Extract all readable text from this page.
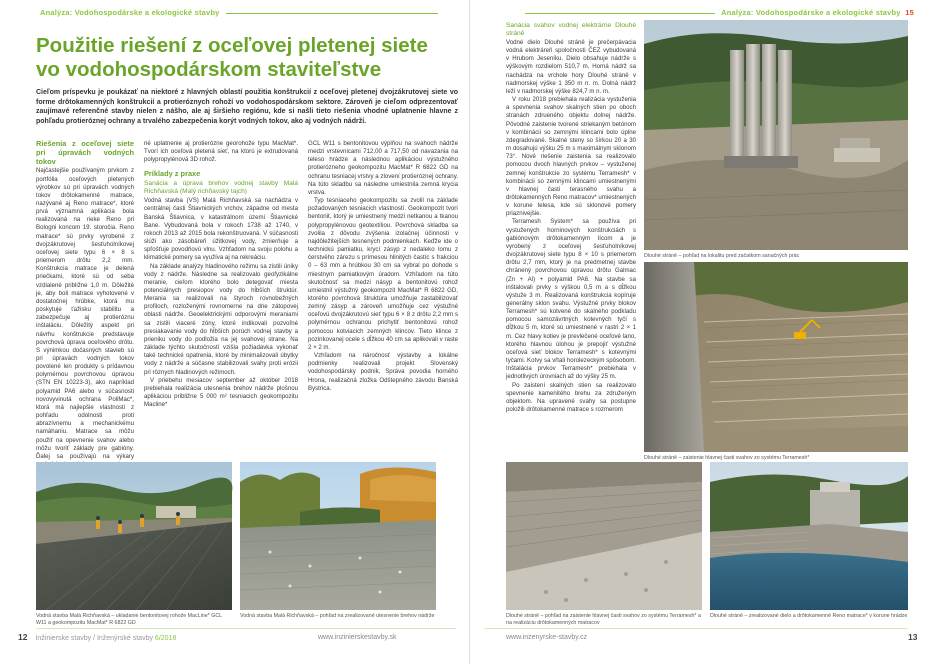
Analýza: Vodohospodárske a ekologické stavby
Použitie riešení z oceľovej pletenej siete
vo vodohospodárskom staviteľstve
Cieľom príspevku je poukázať na niektoré z hlavných oblastí použitia konštrukcií z oceľovej pletenej dvojzákrutovej siete vo forme drôtokamenných konštrukcií a protieróznych rohoží vo vodohospodárskom sektore. Zároveň je cieľom odprezentovať zaujímavé referenčné stavby nielen z nášho, ale aj širšieho regiónu, kde si našli tieto riešenia vhodné uplatnenie hlavne z pohľadu protieróznej ochrany a trvalého zabezpečenia korýt vodných tokov, ako aj vodných nádrží.
Riešenia z oceľovej siete pri úpravách vodných tokov

Najčastejšie používaným prvkom z portfólia oceľových pletených výrobkov sú pri úpravách vodných tokov drôtokamenné matrace, nazývané aj Reno matrace*, ktoré prvá významná aplikácia bola realizovaná na rieke Reno pri Bologni koncom 19. storočia. Reno matrace* sú prvky vyrobené z dvojzákrutovej šesťuholníkovej oceľovej siete typu 6 × 8 s priemerom drôtu 2,2 mm. Konštrukcia matrace je delená priečkami, ktoré sú od seba vzdialené približne 1,0 m. Dôležité je, aby boli matrace vyhotovené v dostatočnej hrúbke, ktorá mu poskytuje ťažisku stabilitu a zabezpečuje aj protieróznu inštaláciu. Dôležitý aspekt pri návrhu konštrukcie predstavuje povrchová úprava oceľového drôtu. S výnimkou dočasných stavieb sú pri úpravách vodných tokov povolené len produkty s prídavnou polymérnou povrchovou úpravou (STN EN 10223-3), ako napríklad polyamid PA6 alebo v súčasnosti novovyvinutá ochrana PoliMac*, ktorá má najlepšie vlastnosti z pohľadu odolnosti proti abrazívnemu a mechanickému namáhaniu. Matrace sa môžu použiť na opevnenie svahov alebo môžu tvoriť základy pre gabióny. Ďalej sa používajú na výkary

né uplatnenie aj protierózne georohože typu MacMat*. Tvorí ich oceľová pletená sieť, na ktorú je extrudovaná polypropylénová 3D rohož.

Príklady z praxe
Sanácia a úprava brehov vodnej stavby Malá Richňavská (Malý richňavský tajch)

Vodná stavba (VS) Malá Richňavská sa nachádza v centrálnej časti Štiavnických vrchov, západne od mesta Banská Štiavnica, v katastrálnom území Štiavnické Bane. Vybudovaná bola v rokoch 1738 až 1740, v rokoch 2013 až 2015 bola rekonštruovaná. V súčasnosti slúži ako zásobáreň úžitkovej vody, zmierňuje a spľošťuje povodňovú vlnu. Vzhľadom na svoju polohu a klimatické pomery sa využíva aj na rekreáciu.

Na základe analýzy hladinového režimu sa zistili úniky vody z nádrže. Následne sa realizovalo geofyzikálne meranie, cieľom ktorého bolo detegovať miesta potenciálnych presiopov vody do hĺbších štruktúr. Merania sa realizovali na štyroch rovnobežných profiloch, rozloženými rovnomerne na dne zátopovej oblasti nádrže. Geoelektrickými odporovými meraniami sa zistili viaceré zóny, ktoré indikovali pozvoľné presiakavanie vody do hĺbších porúch vodnej stavby a prieniku vody do podložia na jej svahovej strane. Na základe týchto skutočností vzišla požiadavka vykonať také technické opatrenia, ktoré by minimalizovali úbytky vody z nádrže a súčasne stabilizovali svahy proti erózii pri rôznych hladinových režimoch.

V priebehu mesiacov september až október 2018 prebiehala realizácia utesnenia brehov nádrže plošnou aplikáciou približne 5 000 m² tesniacich geokompozitu Macline*

GCL W11 s bentonitovou výplňou na svahoch nádrže medzi vrstevnicami 712,00 a 717,50 od navazania na teleso hrádze a následnou aplikáciou výstužného protierózneho geokompozitu MacMat* R 6822 GD na ochranu tesniacej vrstvy a zlovení protieróznej ochrany. Na túto skladbu sa následne umiestnila zemná krycia vrstva.

Typ tesniaceho geokompozitu sa zvolil na základe požadovaných tesniacich vlastností. Geokompozit tvorí bentonit, ktorý je umiestnený medzi netkanou a tkanou polypropylénovou geotextíliou. Povrchová skladba sa zvolila z dôvodu zvýšenia izolačnej účinnosti v najdôležitejších tesnených podmienkach. Keďže ide o technickú pamiatku, krycí zásyp z nedaleko lomu z čerstvého zárezu s prímesou hlinitých častíc s frakciou 0 – 63 mm a hrúbkou 30 cm sa vybral po dohode s miestnym pamiatkovým úradom. Vzhľadom na túto skutočnosť sa medzi násyp a bentonitovú rohož umiestnil výstužný geokompozit MacMat* R 6822 GD, ktorého povrchová štruktúra umožňuje zastabilizovať zemný zásyp a zároveň umožňuje cez výstužné oceľovú dvojzákrutovú sieť typu 6 × 8 z drôtu 2,2 mm s polymérnou ochranou prichytiť bentonitovú rohož pomocou kotviacich zemných klincov. Tieto klince z pozinkovanej ocele s dĺžkou 40 cm sa aplikovali v raste 2 × 2 m.

Vzhľadom na náročnosť výstavby a lokálne podmienky realizovali projekt Slovenský vodohospodársky podnik, Správa povodia horného Hrona, realizačná zložka Odštepného závodu Banská Bystrica.

Vodná stavba Malá Richňavská – ukladanie bentonitovej rohože MacLine* GCL W11 a geokompozitu MacMat* R 6822 GD
Vodná stavba Malá Richňavská – pohľad na zrealizované utesnenie brehov nádrže
12 Inžinierske stavby / Inženýrské stavby 6/2018	www.inzinierskestavby.sk
Analýza: Vodohospodárske a ekologické stavby 15
Sanácia svahov vodnej elektrárne Dlouhé stráně

Vodné dielo Dlouhé stráně je prečerpávacia vodná elektráreň spoločnosti ČEZ vybudovaná v Hrubom Jeseníku. Dielo obsahuje nádrže s výškovým rozdielom 510,7 m. Horná nádrž sa nachádza na vrchole hory Dlouhé stráně v nadmorskej výške 1 350 m n. m. Dolná nádrž leží v nadmorskej výške 824,7 m n. m.

V roku 2018 prebiehala realizácia vystuženia a spevnenia svahov skalných stien po oboch stranách zdrueného objektu dolnej nádrže. Pôvodné zaistenie tvorené striekaným betónom v kombinácii so zemnými klincami bolo úplne zdegradované. Skalné steny so šírkou 20 a 30 m dosahujú výšku 25 m s maximálnym sklonom 73°. Nové riešenie zaistenia sa realizovalo pomocou dvoch hlavných prvkov – vystuženej zemnej konštrukcie zo systému Terramesh* v kombinácii so zemnými klincami umiestnenými v hlavnej časti terasného svahu a drôtokamenných Reno matracov* umiestnených v korune telesa, kde sú sklonové pomery priaznivejšie.

Terramesh System* sa používa pri vystužených horninových konštrukciách s gabiónovým drôtokamenným lícom a je vyrobený z oceľovej šesťuholníkovej dvojzákrutovej siete typu 8 × 10 s priemerom drôtu 2,7 mm, ktorý je na predmetnej stavbe chránený povrchovou úpravou drôtu Galmac (Zn + Al) + polyamid PA6. Na stavbe sa inštalovali prvky s výškou 0,5 m a s dĺžkou výstuže 3 m. Realizovaná konštrukcia kopíruje generálny sklon svahu. Výstužné prvky blokov Terramesh* sú kotvené do skalného podkladu pomocou samozávrtných kotevných tyčí s dĺžkou 5 m, ktoré sú umiestnené v rastri 2 × 1 m. Cez hlavy kotiev je prevlečené oceľové lano, ktorého hlavnou úlohou je prepojiť výstužné oceľová sieť blokov Terramesh* s kotevnými tyčami. Kotvy sa vŕtali horolezeckým spôsobom. Inštalácia prvkov Terramesh* prebiehala v jednotlivých úrovniach až do výšky 25 m.

Po zaistení skalných stien sa realizovalo spevnenie kamenitého brehu za združeným objektom. Na upravené svahy sa postupne položili drôtokamenné matrace s rozmerom

Dlouhé stráně – pohľad na lokalitu pred začatkom sanačných prác
Dlouhé stráně – zaistenie hlavnej časti svahov zo systému Terramesh*
Dlouhé stráně – pohľad na zaistenie hlavnej časti svahov zo systému Terramesh* a na realizáciu drôtokamenných matracov
Dlouhé stráně – zrealizované dielo a drôtokamenné Reno matrace* v korune hrádze
www.inzenyrske-stavby.cz	13
